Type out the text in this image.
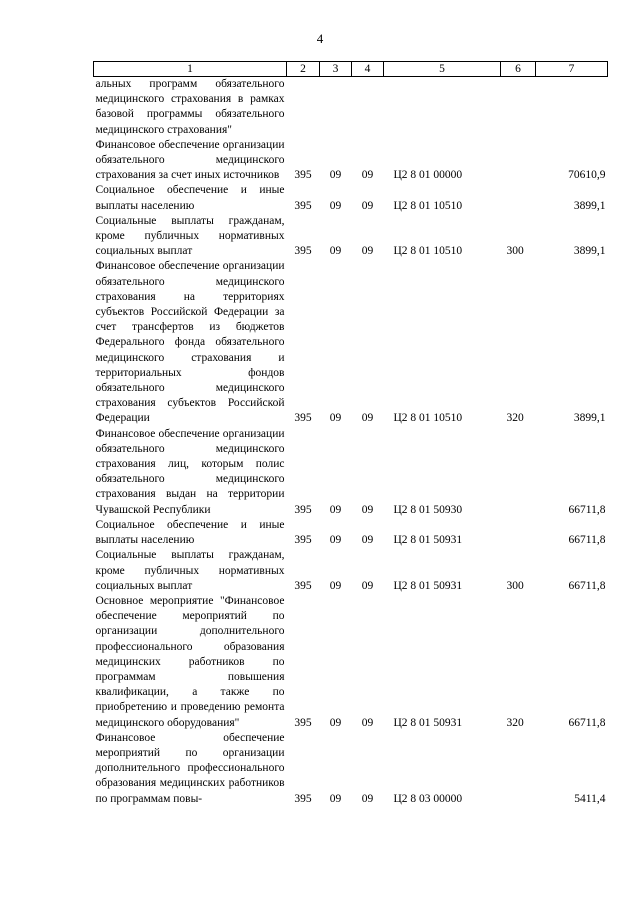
4
1	2	3	4	5	6	7
альных программ обязательного медицинского страхования в рамках базовой программы обязательного медицинского страхования"						
Финансовое обеспечение организации обязательного медицинского страхования за счет иных источников	395	09	09	Ц2 8 01 00000		70610,9
Социальное обеспечение и иные выплаты населению	395	09	09	Ц2 8 01 10510		3899,1
Социальные выплаты гражданам, кроме публичных нормативных социальных выплат	395	09	09	Ц2 8 01 10510	300	3899,1
Финансовое обеспечение организации обязательного медицинского страхования на территориях субъектов Российской Федерации за счет трансфертов из бюджетов Федерального фонда обязательного медицинского страхования и территориальных фондов обязательного медицинского страхования субъектов Российской Федерации	395	09	09	Ц2 8 01 10510	320	3899,1
Финансовое обеспечение организации обязательного медицинского страхования лиц, которым полис обязательного медицинского страхования выдан на территории Чувашской Республики	395	09	09	Ц2 8 01 50930		66711,8
Социальное обеспечение и иные выплаты населению	395	09	09	Ц2 8 01 50931		66711,8
Социальные выплаты гражданам, кроме публичных нормативных социальных выплат	395	09	09	Ц2 8 01 50931	300	66711,8
Основное мероприятие "Финансовое обеспечение мероприятий по организации дополнительного профессионального образования медицинских работников по программам повышения квалификации, а также по приобретению и проведению ремонта медицинского оборудования"	395	09	09	Ц2 8 01 50931	320	66711,8
Финансовое обеспечение мероприятий по организации дополнительного профессионального образования медицинских работников по программам повы-	395	09	09	Ц2 8 03 00000		5411,4
